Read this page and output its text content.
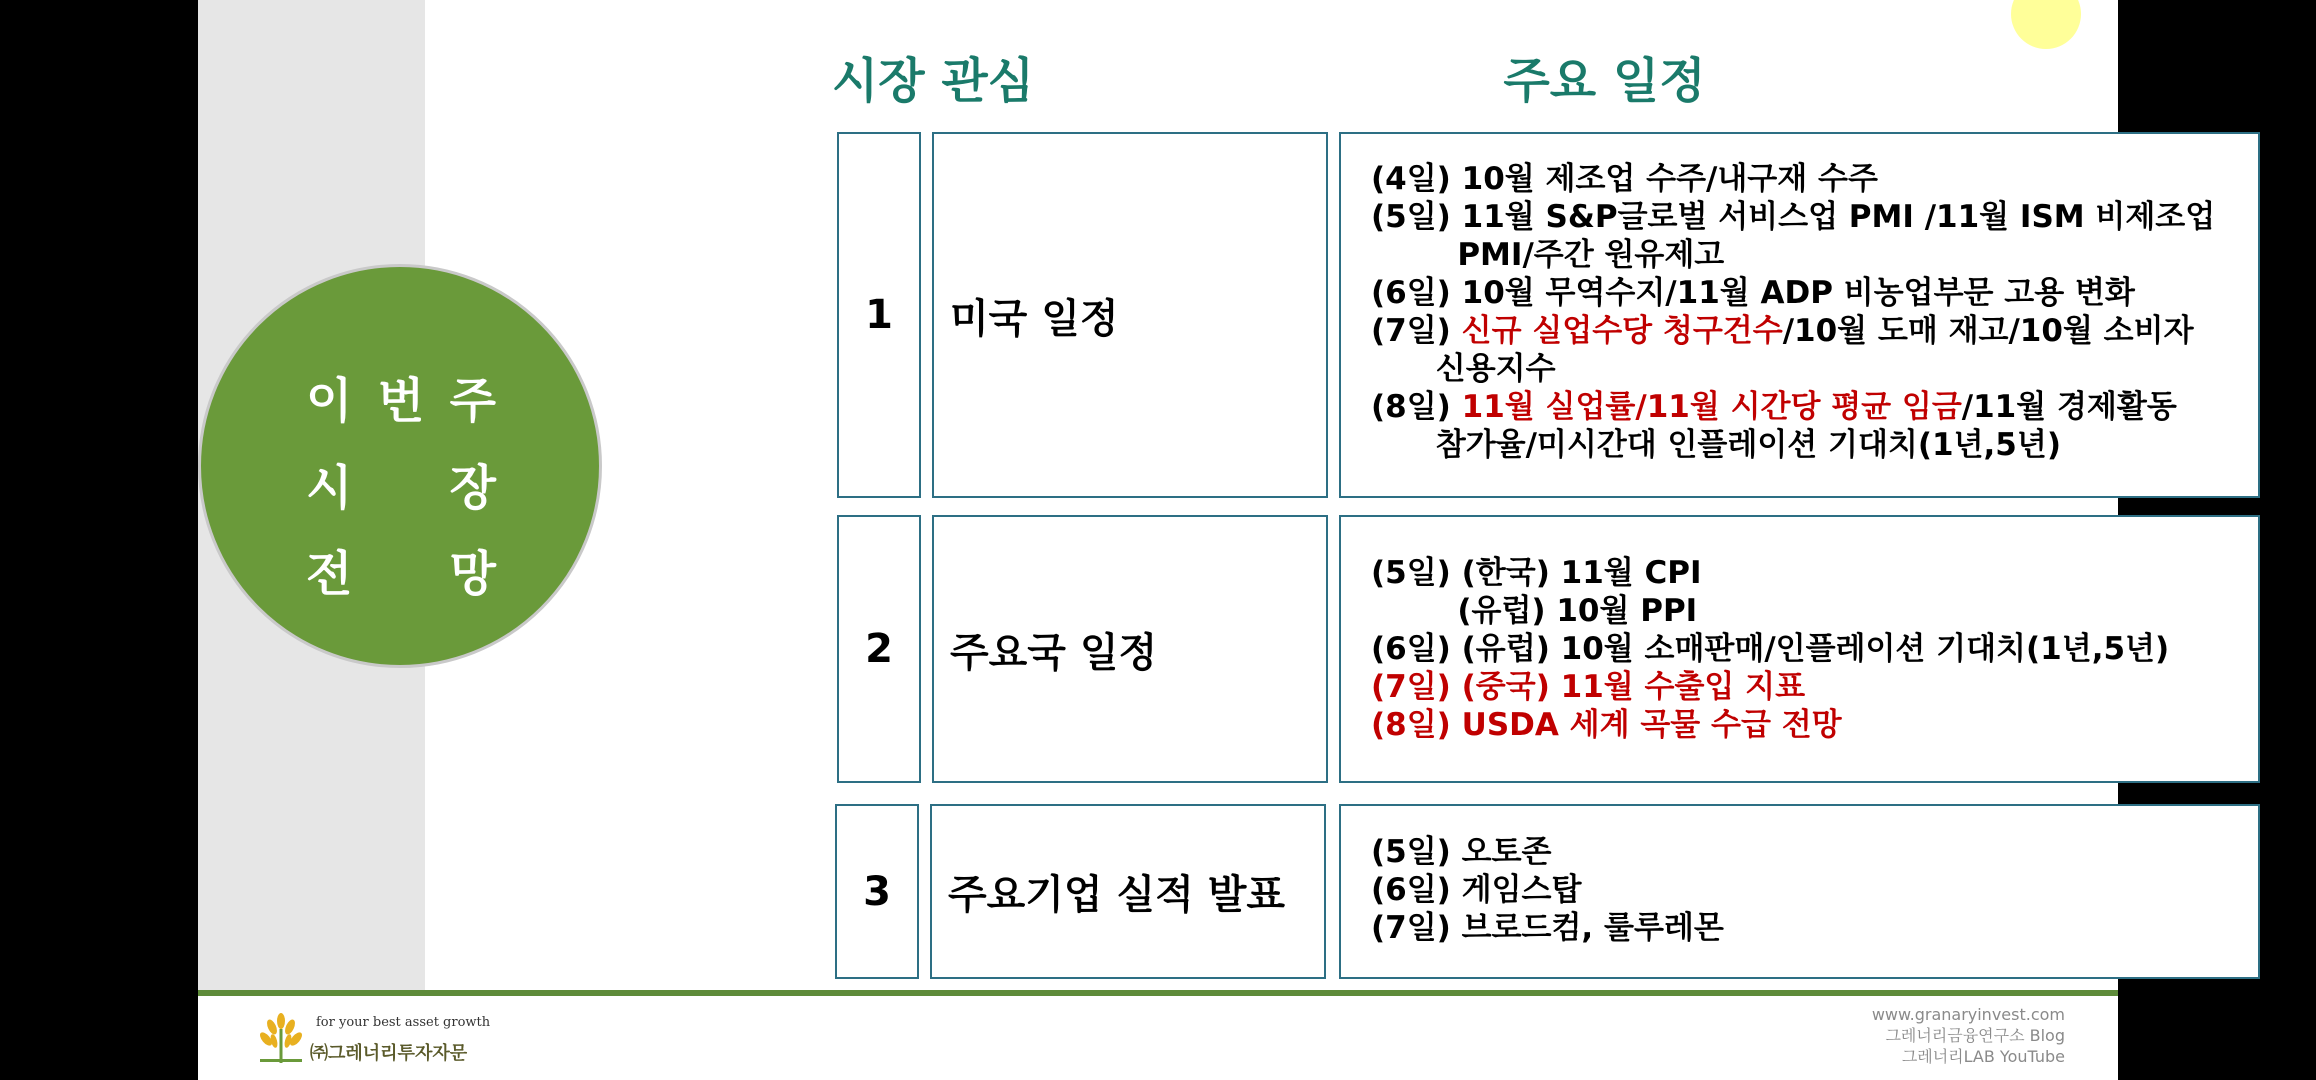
시장 관심	주요 일정
이 번 주
시 장
전 망
1	미국 일정
(4일) 10월 제조업 수주/내구재 수주
(5일) 11월 S&P글로벌 서비스업 PMI /11월 ISM 비제조업
PMI/주간 원유제고
(6일) 10월 무역수지/11월 ADP 비농업부문 고용 변화
(7일) 신규 실업수당 청구건수/10월 도매 재고/10월 소비자
신용지수
(8일) 11월 실업률/11월 시간당 평균 임금/11월 경제활동
참가율/미시간대 인플레이션 기대치(1년,5년)
2	주요국 일정
(5일) (한국) 11월 CPI
(유럽) 10월 PPI
(6일) (유럽) 10월 소매판매/인플레이션 기대치(1년,5년)
(7일) (중국) 11월 수출입 지표
(8일) USDA 세계 곡물 수급 전망
3	주요기업 실적 발표
(5일) 오토존
(6일) 게임스탑
(7일) 브로드컴, 룰루레몬
for your best asset growth
㈜그레너리투자자문
www.granaryinvest.com
그레너리금융연구소 Blog
그레너리LAB YouTube
